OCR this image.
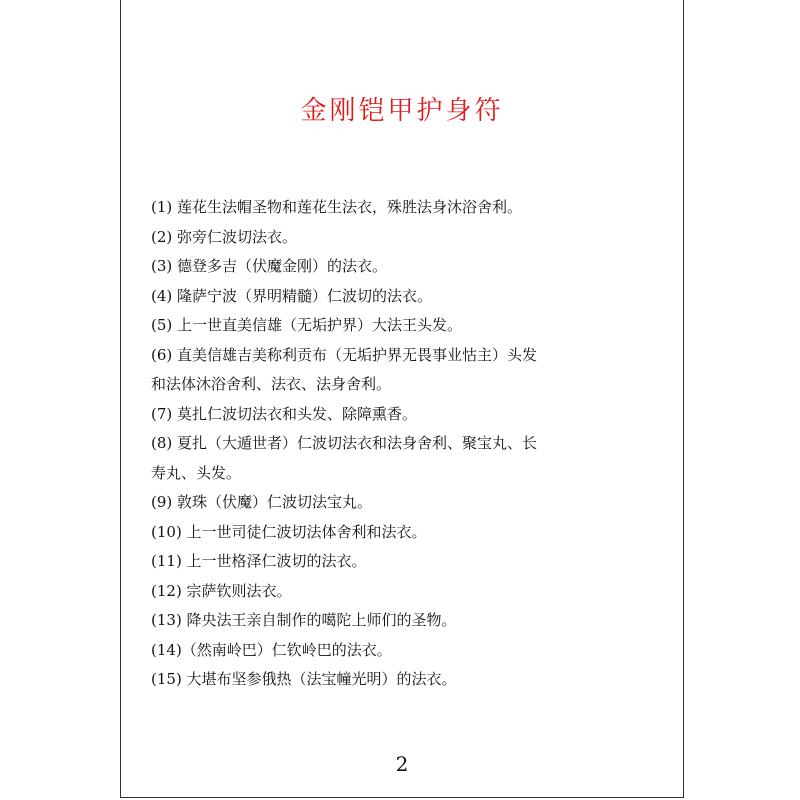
金刚铠甲护身符
(1) 莲花生法帽圣物和莲花生法衣，殊胜法身沐浴舍利。
(2) 弥旁仁波切法衣。
(3) 德登多吉（伏魔金刚）的法衣。
(4) 隆萨宁波（界明精髓）仁波切的法衣。
(5) 上一世直美信雄（无垢护界）大法王头发。
(6) 直美信雄吉美称利贡布（无垢护界无畏事业怙主）头发和法体沐浴舍利、法衣、法身舍利。
(7) 莫扎仁波切法衣和头发、除障熏香。
(8) 夏扎（大遁世者）仁波切法衣和法身舍利、聚宝丸、长寿丸、头发。
(9) 敦珠（伏魔）仁波切法宝丸。
(10) 上一世司徒仁波切法体舍利和法衣。
(11) 上一世格泽仁波切的法衣。
(12) 宗萨钦则法衣。
(13) 降央法王亲自制作的噶陀上师们的圣物。
(14)（然南岭巴）仁钦岭巴的法衣。
(15) 大堪布坚参俄热（法宝幢光明）的法衣。
2
